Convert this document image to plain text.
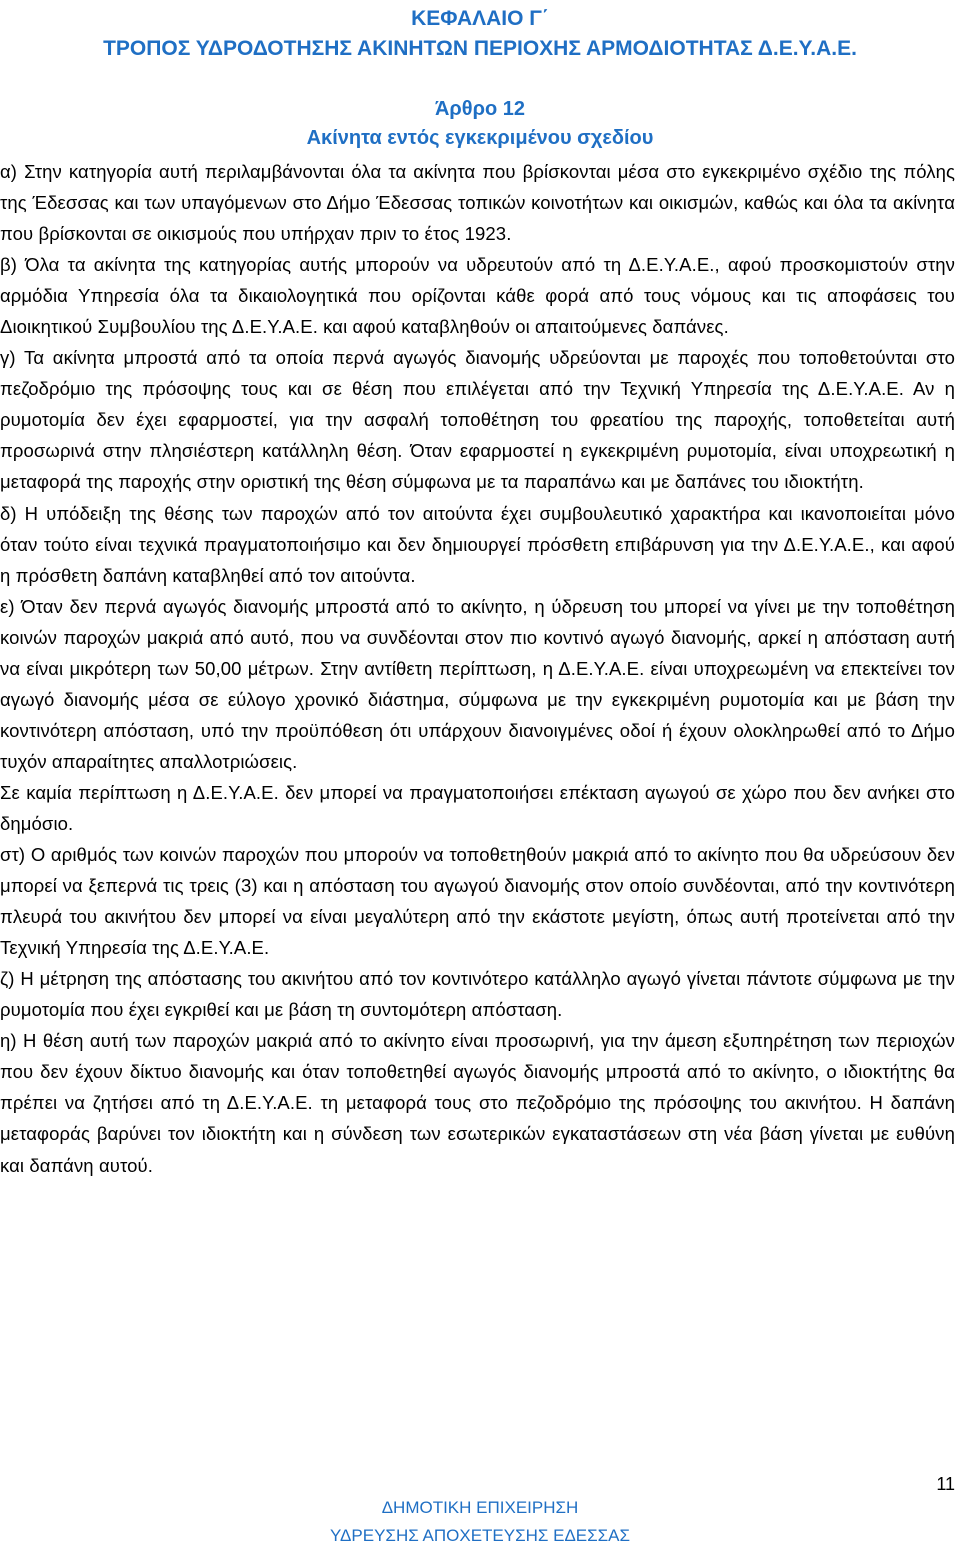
ΚΕΦΑΛΑΙΟ Γ΄
ΤΡΟΠΟΣ ΥΔΡΟΔΟΤΗΣΗΣ ΑΚΙΝΗΤΩΝ ΠΕΡΙΟΧΗΣ ΑΡΜΟΔΙΟΤΗΤΑΣ Δ.Ε.Υ.Α.Ε.
Άρθρο 12
Ακίνητα εντός εγκεκριμένου σχεδίου

α) Στην κατηγορία αυτή περιλαμβάνονται όλα τα ακίνητα που βρίσκονται μέσα στο εγκεκριμένο σχέδιο της πόλης της Έδεσσας και των υπαγόμενων στο Δήμο Έδεσσας τοπικών κοινοτήτων και οικισμών, καθώς και όλα τα ακίνητα που βρίσκονται σε οικισμούς που υπήρχαν πριν το έτος 1923.

β) Όλα τα ακίνητα της κατηγορίας αυτής μπορούν να υδρευτούν από τη Δ.Ε.Υ.Α.Ε., αφού προσκομιστούν στην αρμόδια Υπηρεσία όλα τα δικαιολογητικά που ορίζονται κάθε φορά από τους νόμους και τις αποφάσεις του Διοικητικού Συμβουλίου της Δ.Ε.Υ.Α.Ε. και αφού καταβληθούν οι απαιτούμενες δαπάνες.

γ) Τα ακίνητα μπροστά από τα οποία περνά αγωγός διανομής υδρεύονται με παροχές που τοποθετούνται στο πεζοδρόμιο της πρόσοψης τους και σε θέση που επιλέγεται από την Τεχνική Υπηρεσία της Δ.Ε.Υ.Α.Ε. Αν η ρυμοτομία δεν έχει εφαρμοστεί, για την ασφαλή τοποθέτηση του φρεατίου της παροχής, τοποθετείται αυτή προσωρινά στην πλησιέστερη κατάλληλη θέση. Όταν εφαρμοστεί η εγκεκριμένη ρυμοτομία, είναι υποχρεωτική η μεταφορά της παροχής στην οριστική της θέση σύμφωνα με τα παραπάνω και με δαπάνες του ιδιοκτήτη.

δ) Η υπόδειξη της θέσης των παροχών από τον αιτούντα έχει συμβουλευτικό χαρακτήρα και ικανοποιείται μόνο όταν τούτο είναι τεχνικά πραγματοποιήσιμο και δεν δημιουργεί πρόσθετη επιβάρυνση για την Δ.Ε.Υ.Α.Ε., και αφού η πρόσθετη δαπάνη καταβληθεί από τον αιτούντα.

ε) Όταν δεν περνά αγωγός διανομής μπροστά από το ακίνητο, η ύδρευση του μπορεί να γίνει με την τοποθέτηση κοινών παροχών μακριά από αυτό, που να συνδέονται στον πιο κοντινό αγωγό διανομής, αρκεί η απόσταση αυτή να είναι μικρότερη των 50,00 μέτρων. Στην αντίθετη περίπτωση, η Δ.Ε.Υ.Α.Ε. είναι υποχρεωμένη να επεκτείνει τον αγωγό διανομής μέσα σε εύλογο χρονικό διάστημα, σύμφωνα με την εγκεκριμένη ρυμοτομία και με βάση την κοντινότερη απόσταση, υπό την προϋπόθεση ότι υπάρχουν διανοιγμένες οδοί ή έχουν ολοκληρωθεί από το Δήμο τυχόν απαραίτητες απαλλοτριώσεις.

Σε καμία περίπτωση η Δ.Ε.Υ.Α.Ε. δεν μπορεί να πραγματοποιήσει επέκταση αγωγού σε χώρο που δεν ανήκει στο δημόσιο.

στ) Ο αριθμός των κοινών παροχών που μπορούν να τοποθετηθούν μακριά από το ακίνητο που θα υδρεύσουν δεν μπορεί να ξεπερνά τις τρεις (3) και η απόσταση του αγωγού διανομής στον οποίο συνδέονται, από την κοντινότερη πλευρά του ακινήτου δεν μπορεί να είναι μεγαλύτερη από την εκάστοτε μεγίστη, όπως αυτή προτείνεται από την Τεχνική Υπηρεσία της Δ.Ε.Υ.Α.Ε.

ζ) Η μέτρηση της απόστασης του ακινήτου από τον κοντινότερο κατάλληλο αγωγό γίνεται πάντοτε σύμφωνα με την ρυμοτομία που έχει εγκριθεί και με βάση τη συντομότερη απόσταση.

η) Η θέση αυτή των παροχών μακριά από το ακίνητο είναι προσωρινή, για την άμεση εξυπηρέτηση των περιοχών που δεν έχουν δίκτυο διανομής και όταν τοποθετηθεί αγωγός διανομής μπροστά από το ακίνητο, ο ιδιοκτήτης θα πρέπει να ζητήσει από τη Δ.Ε.Υ.Α.Ε. τη μεταφορά τους στο πεζοδρόμιο της πρόσοψης του ακινήτου. Η δαπάνη μεταφοράς βαρύνει τον ιδιοκτήτη και η σύνδεση των εσωτερικών εγκαταστάσεων στη νέα βάση γίνεται με ευθύνη και δαπάνη αυτού.

11
ΔΗΜΟΤΙΚΗ ΕΠΙΧΕΙΡΗΣΗ
ΥΔΡΕΥΣΗΣ ΑΠΟΧΕΤΕΥΣΗΣ ΕΔΕΣΣΑΣ
